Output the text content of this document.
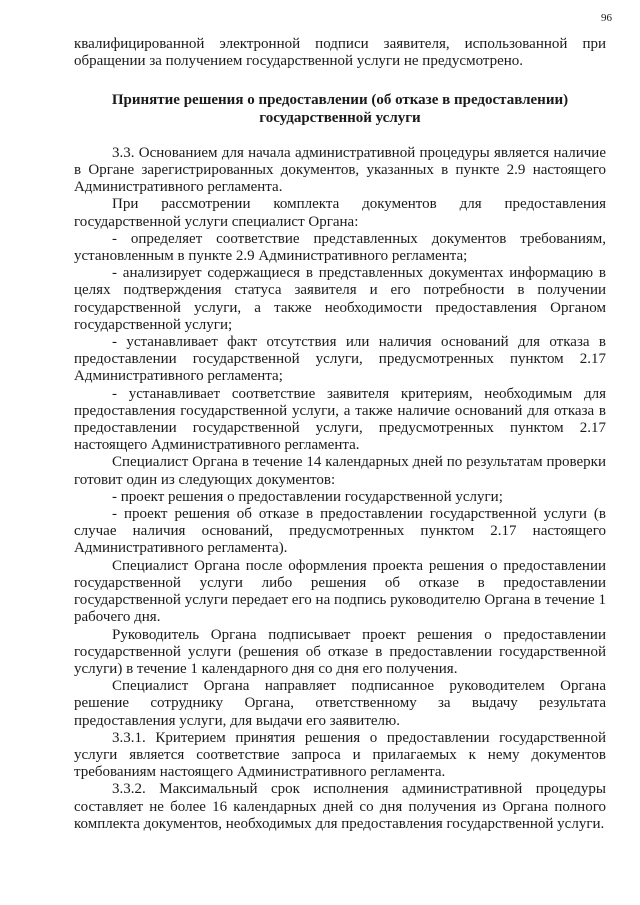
96

квалифицированной электронной подписи заявителя, использованной при обращении за получением государственной услуги не предусмотрено.

Принятие решения о предоставлении (об отказе в предоставлении)
государственной услуги

3.3. Основанием для начала административной процедуры является наличие в Органе зарегистрированных документов, указанных в пункте 2.9 настоящего Административного регламента.

При рассмотрении комплекта документов для предоставления государственной услуги специалист Органа:

- определяет соответствие представленных документов требованиям, установленным в пункте 2.9 Административного регламента;

- анализирует содержащиеся в представленных документах информацию в целях подтверждения статуса заявителя и его потребности в получении государственной услуги, а также необходимости предоставления Органом государственной услуги;

- устанавливает факт отсутствия или наличия оснований для отказа в предоставлении государственной услуги, предусмотренных пунктом 2.17 Административного регламента;

- устанавливает соответствие заявителя критериям, необходимым для предоставления государственной услуги, а также наличие оснований для отказа в предоставлении государственной услуги, предусмотренных пунктом 2.17 настоящего Административного регламента.

Специалист Органа в течение 14 календарных дней по результатам проверки готовит один из следующих документов:

- проект решения о предоставлении государственной услуги;

- проект решения об отказе в предоставлении государственной услуги (в случае наличия оснований, предусмотренных пунктом 2.17 настоящего Административного регламента).

Специалист Органа после оформления проекта решения о предоставлении государственной услуги либо решения об отказе в предоставлении государственной услуги передает его на подпись руководителю Органа в течение 1 рабочего дня.

Руководитель Органа подписывает проект решения о предоставлении государственной услуги (решения об отказе в предоставлении государственной услуги) в течение 1 календарного дня со дня его получения.

Специалист Органа направляет подписанное руководителем Органа решение сотруднику Органа, ответственному за выдачу результата предоставления услуги, для выдачи его заявителю.

3.3.1. Критерием принятия решения о предоставлении государственной услуги является соответствие запроса и прилагаемых к нему документов требованиям настоящего Административного регламента.

3.3.2. Максимальный срок исполнения административной процедуры составляет не более 16 календарных дней со дня получения из Органа полного комплекта документов, необходимых для предоставления государственной услуги.
